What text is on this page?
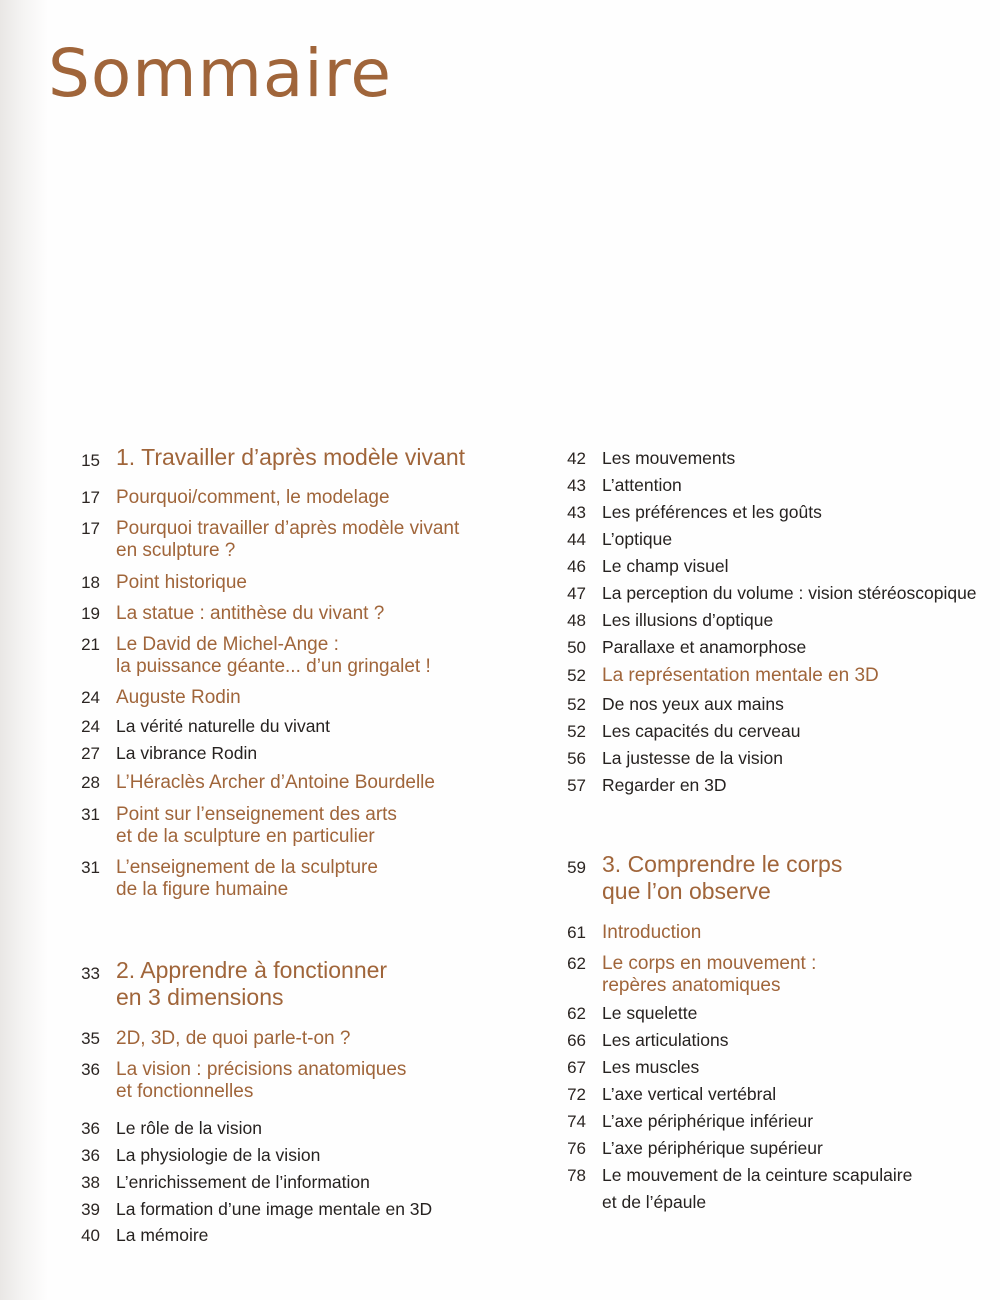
Sommaire
15 1. Travailler d’après modèle vivant
17 Pourquoi/comment, le modelage
17 Pourquoi travailler d’après modèle vivant
en sculpture ?
18 Point historique
19 La statue : antithèse du vivant ?
21 Le David de Michel-Ange :
la puissance géante... d’un gringalet !
24 Auguste Rodin
24 La vérité naturelle du vivant
27 La vibrance Rodin
28 L’Héraclès Archer d’Antoine Bourdelle
31 Point sur l’enseignement des arts
et de la sculpture en particulier
31 L’enseignement de la sculpture
de la figure humaine
33 2. Apprendre à fonctionner
en 3 dimensions
35 2D, 3D, de quoi parle-t-on ?
36 La vision : précisions anatomiques
et fonctionnelles
36 Le rôle de la vision
36 La physiologie de la vision
38 L’enrichissement de l’information
39 La formation d’une image mentale en 3D
40 La mémoire
42 Les mouvements
43 L’attention
43 Les préférences et les goûts
44 L’optique
46 Le champ visuel
47 La perception du volume : vision stéréoscopique
48 Les illusions d’optique
50 Parallaxe et anamorphose
52 La représentation mentale en 3D
52 De nos yeux aux mains
52 Les capacités du cerveau
56 La justesse de la vision
57 Regarder en 3D
59 3. Comprendre le corps
que l’on observe
61 Introduction
62 Le corps en mouvement :
repères anatomiques
62 Le squelette
66 Les articulations
67 Les muscles
72 L’axe vertical vertébral
74 L’axe périphérique inférieur
76 L’axe périphérique supérieur
78 Le mouvement de la ceinture scapulaire
et de l’épaule
